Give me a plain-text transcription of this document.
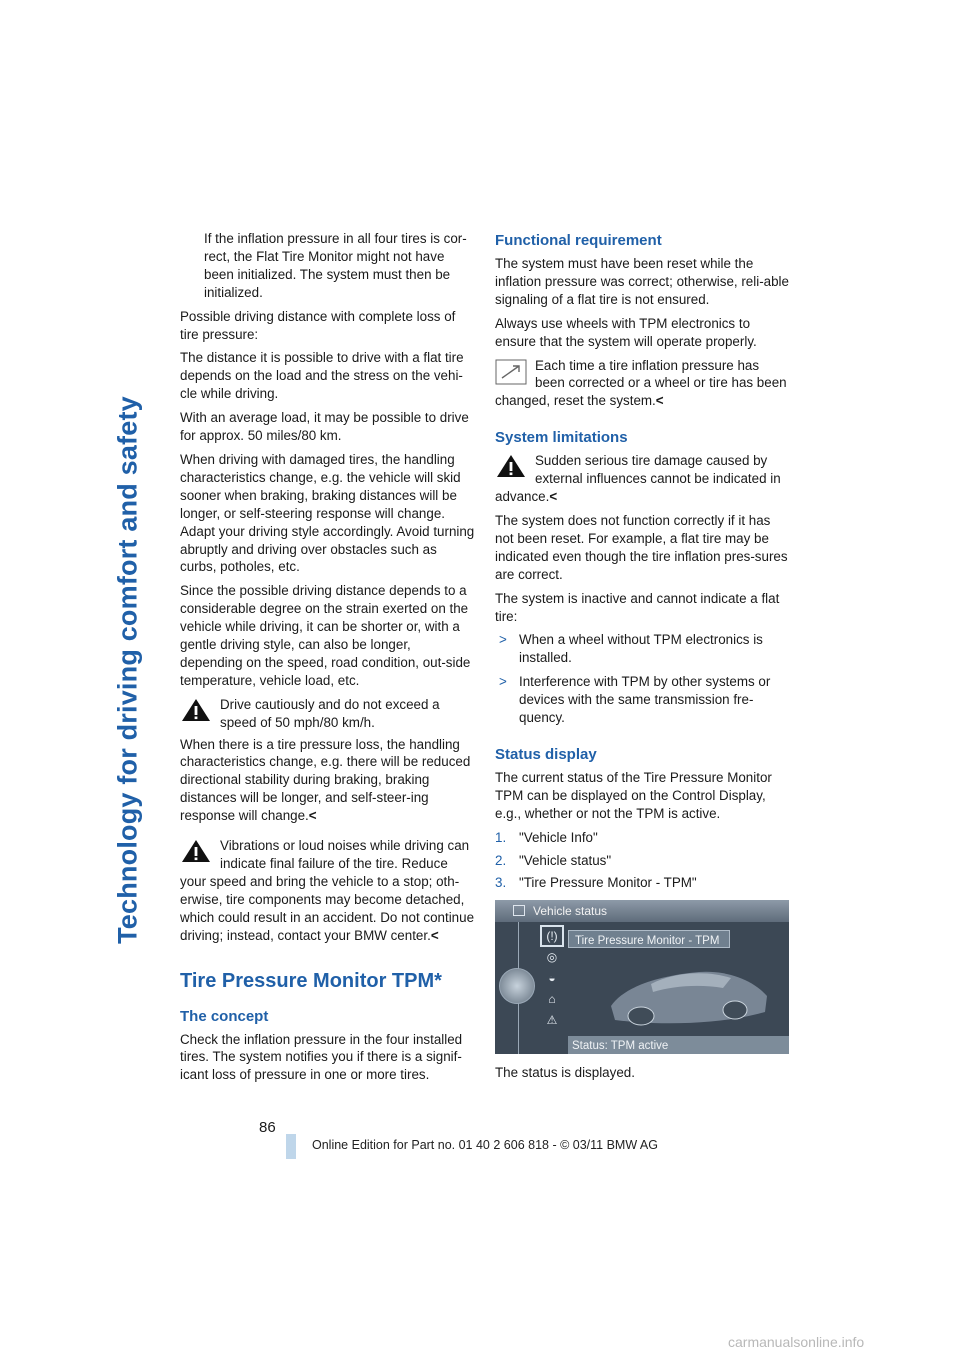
Technology for driving comfort and safety

If the inflation pressure in all four tires is cor-rect, the Flat Tire Monitor might not have been initialized. The system must then be initialized.

Possible driving distance with complete loss of tire pressure:

The distance it is possible to drive with a flat tire depends on the load and the stress on the vehi-cle while driving.

With an average load, it may be possible to drive for approx. 50 miles/80 km.

When driving with damaged tires, the handling characteristics change, e.g. the vehicle will skid sooner when braking, braking distances will be longer, or self-steering response will change. Adapt your driving style accordingly. Avoid turning abruptly and driving over obstacles such as curbs, potholes, etc.

Since the possible driving distance depends to a considerable degree on the strain exerted on the vehicle while driving, it can be shorter or, with a gentle driving style, can also be longer, depending on the speed, road condition, out-side temperature, vehicle load, etc.

Drive cautiously and do not exceed a speed of 50 mph/80 km/h.

When there is a tire pressure loss, the handling characteristics change, e.g. there will be reduced directional stability during braking, braking distances will be longer, and self-steer-ing response will change.<

Vibrations or loud noises while driving can indicate final failure of the tire. Reduce your speed and bring the vehicle to a stop; oth-erwise, tire components may become detached, which could result in an accident. Do not continue driving; instead, contact your BMW center.<
Tire Pressure Monitor TPM*
The concept

Check the inflation pressure in the four installed tires. The system notifies you if there is a signif-icant loss of pressure in one or more tires.

Functional requirement

The system must have been reset while the inflation pressure was correct; otherwise, reli-able signaling of a flat tire is not ensured.

Always use wheels with TPM electronics to ensure that the system will operate properly.

Each time a tire inflation pressure has been corrected or a wheel or tire has been changed, reset the system.<
System limitations
Sudden serious tire damage caused by external influences cannot be indicated in advance.<

The system does not function correctly if it has not been reset. For example, a flat tire may be indicated even though the tire inflation pres-sures are correct.

The system is inactive and cannot indicate a flat tire:

> When a wheel without TPM electronics is installed.
> Interference with TPM by other systems or devices with the same transmission fre-quency.
Status display

The current status of the Tire Pressure Monitor TPM can be displayed on the Control Display, e.g., whether or not the TPM is active.

1. "Vehicle Info"
2. "Vehicle status"
3. "Tire Pressure Monitor - TPM"
Vehicle status
(!)
◎
◒
⌂
⚠
Tire Pressure Monitor - TPM
Status: TPM active

The status is displayed.

86
Online Edition for Part no. 01 40 2 606 818 - © 03/11 BMW AG
carmanualsonline.info
